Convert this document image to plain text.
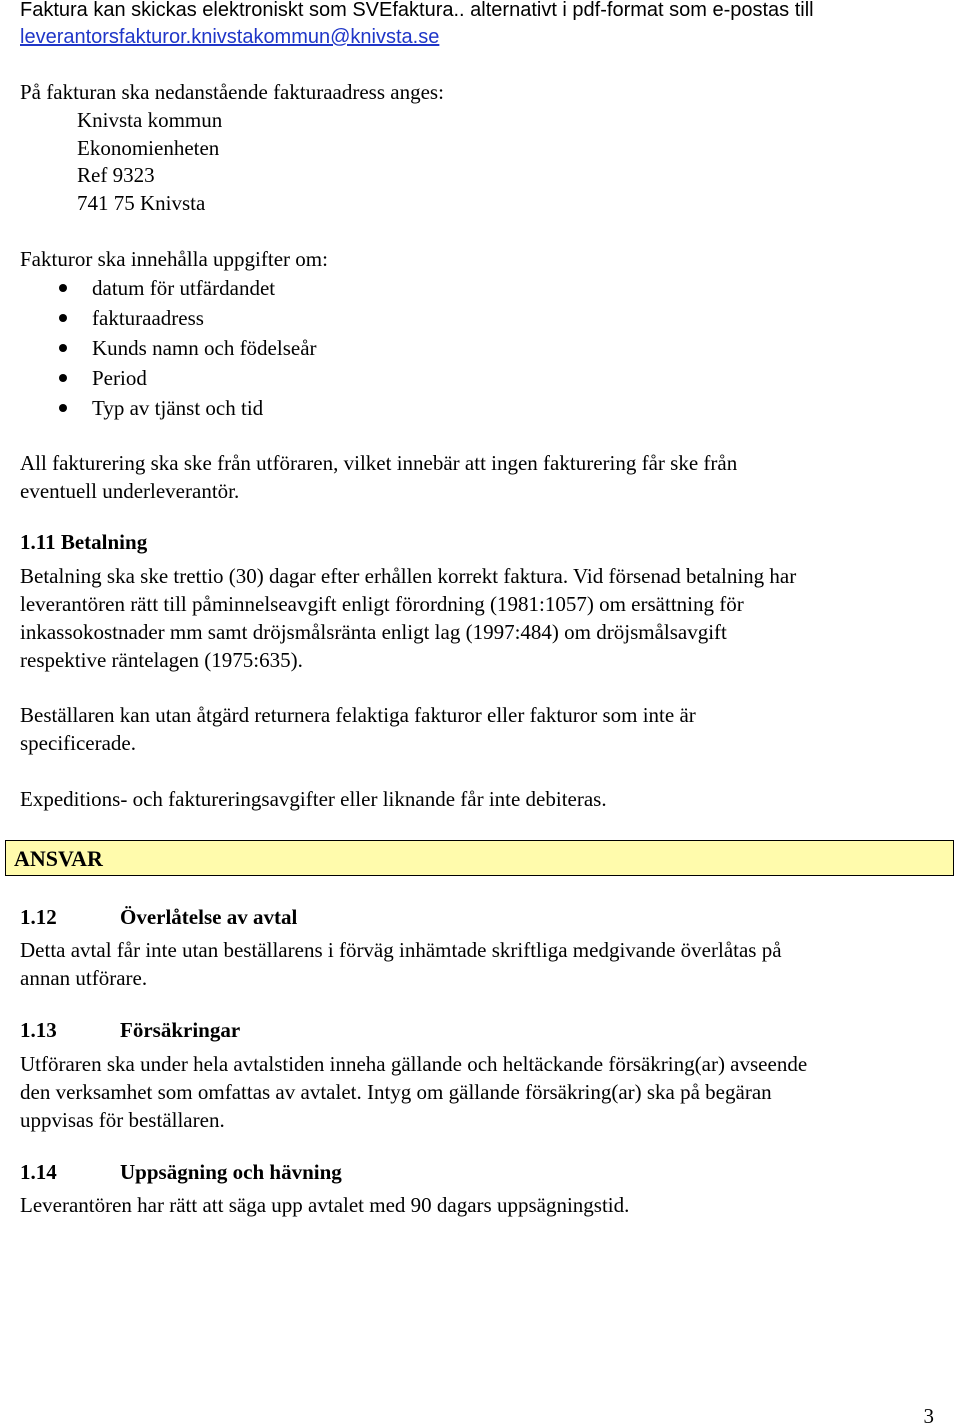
Faktura kan skickas elektroniskt som SVEfaktura.. alternativt i pdf-format som e-postas till
leverantorsfakturor.knivstakommun@knivsta.se
På fakturan ska nedanstående fakturaadress anges:
Knivsta kommun
Ekonomienheten
Ref 9323
741 75 Knivsta
Fakturor ska innehålla uppgifter om:
datum för utfärdandet
fakturaadress
Kunds namn och födelseår
Period
Typ av tjänst och tid
All fakturering ska ske från utföraren, vilket innebär att ingen fakturering får ske från
eventuell underleverantör.
1.11 Betalning
Betalning ska ske trettio (30) dagar efter erhållen korrekt faktura. Vid försenad betalning har
leverantören rätt till påminnelseavgift enligt förordning (1981:1057) om ersättning för
inkassokostnader mm samt dröjsmålsränta enligt lag (1997:484) om dröjsmålsavgift
respektive räntelagen (1975:635).
Beställaren kan utan åtgärd returnera felaktiga fakturor eller fakturor som inte är
specificerade.
Expeditions- och faktureringsavgifter eller liknande får inte debiteras.
ANSVAR
1.12	Överlåtelse av avtal
Detta avtal får inte utan beställarens i förväg inhämtade skriftliga medgivande överlåtas på
annan utförare.
1.13	Försäkringar
Utföraren ska under hela avtalstiden inneha gällande och heltäckande försäkring(ar) avseende
den verksamhet som omfattas av avtalet. Intyg om gällande försäkring(ar) ska på begäran
uppvisas för beställaren.
1.14	Uppsägning och hävning
Leverantören har rätt att säga upp avtalet med 90 dagars uppsägningstid.
3
